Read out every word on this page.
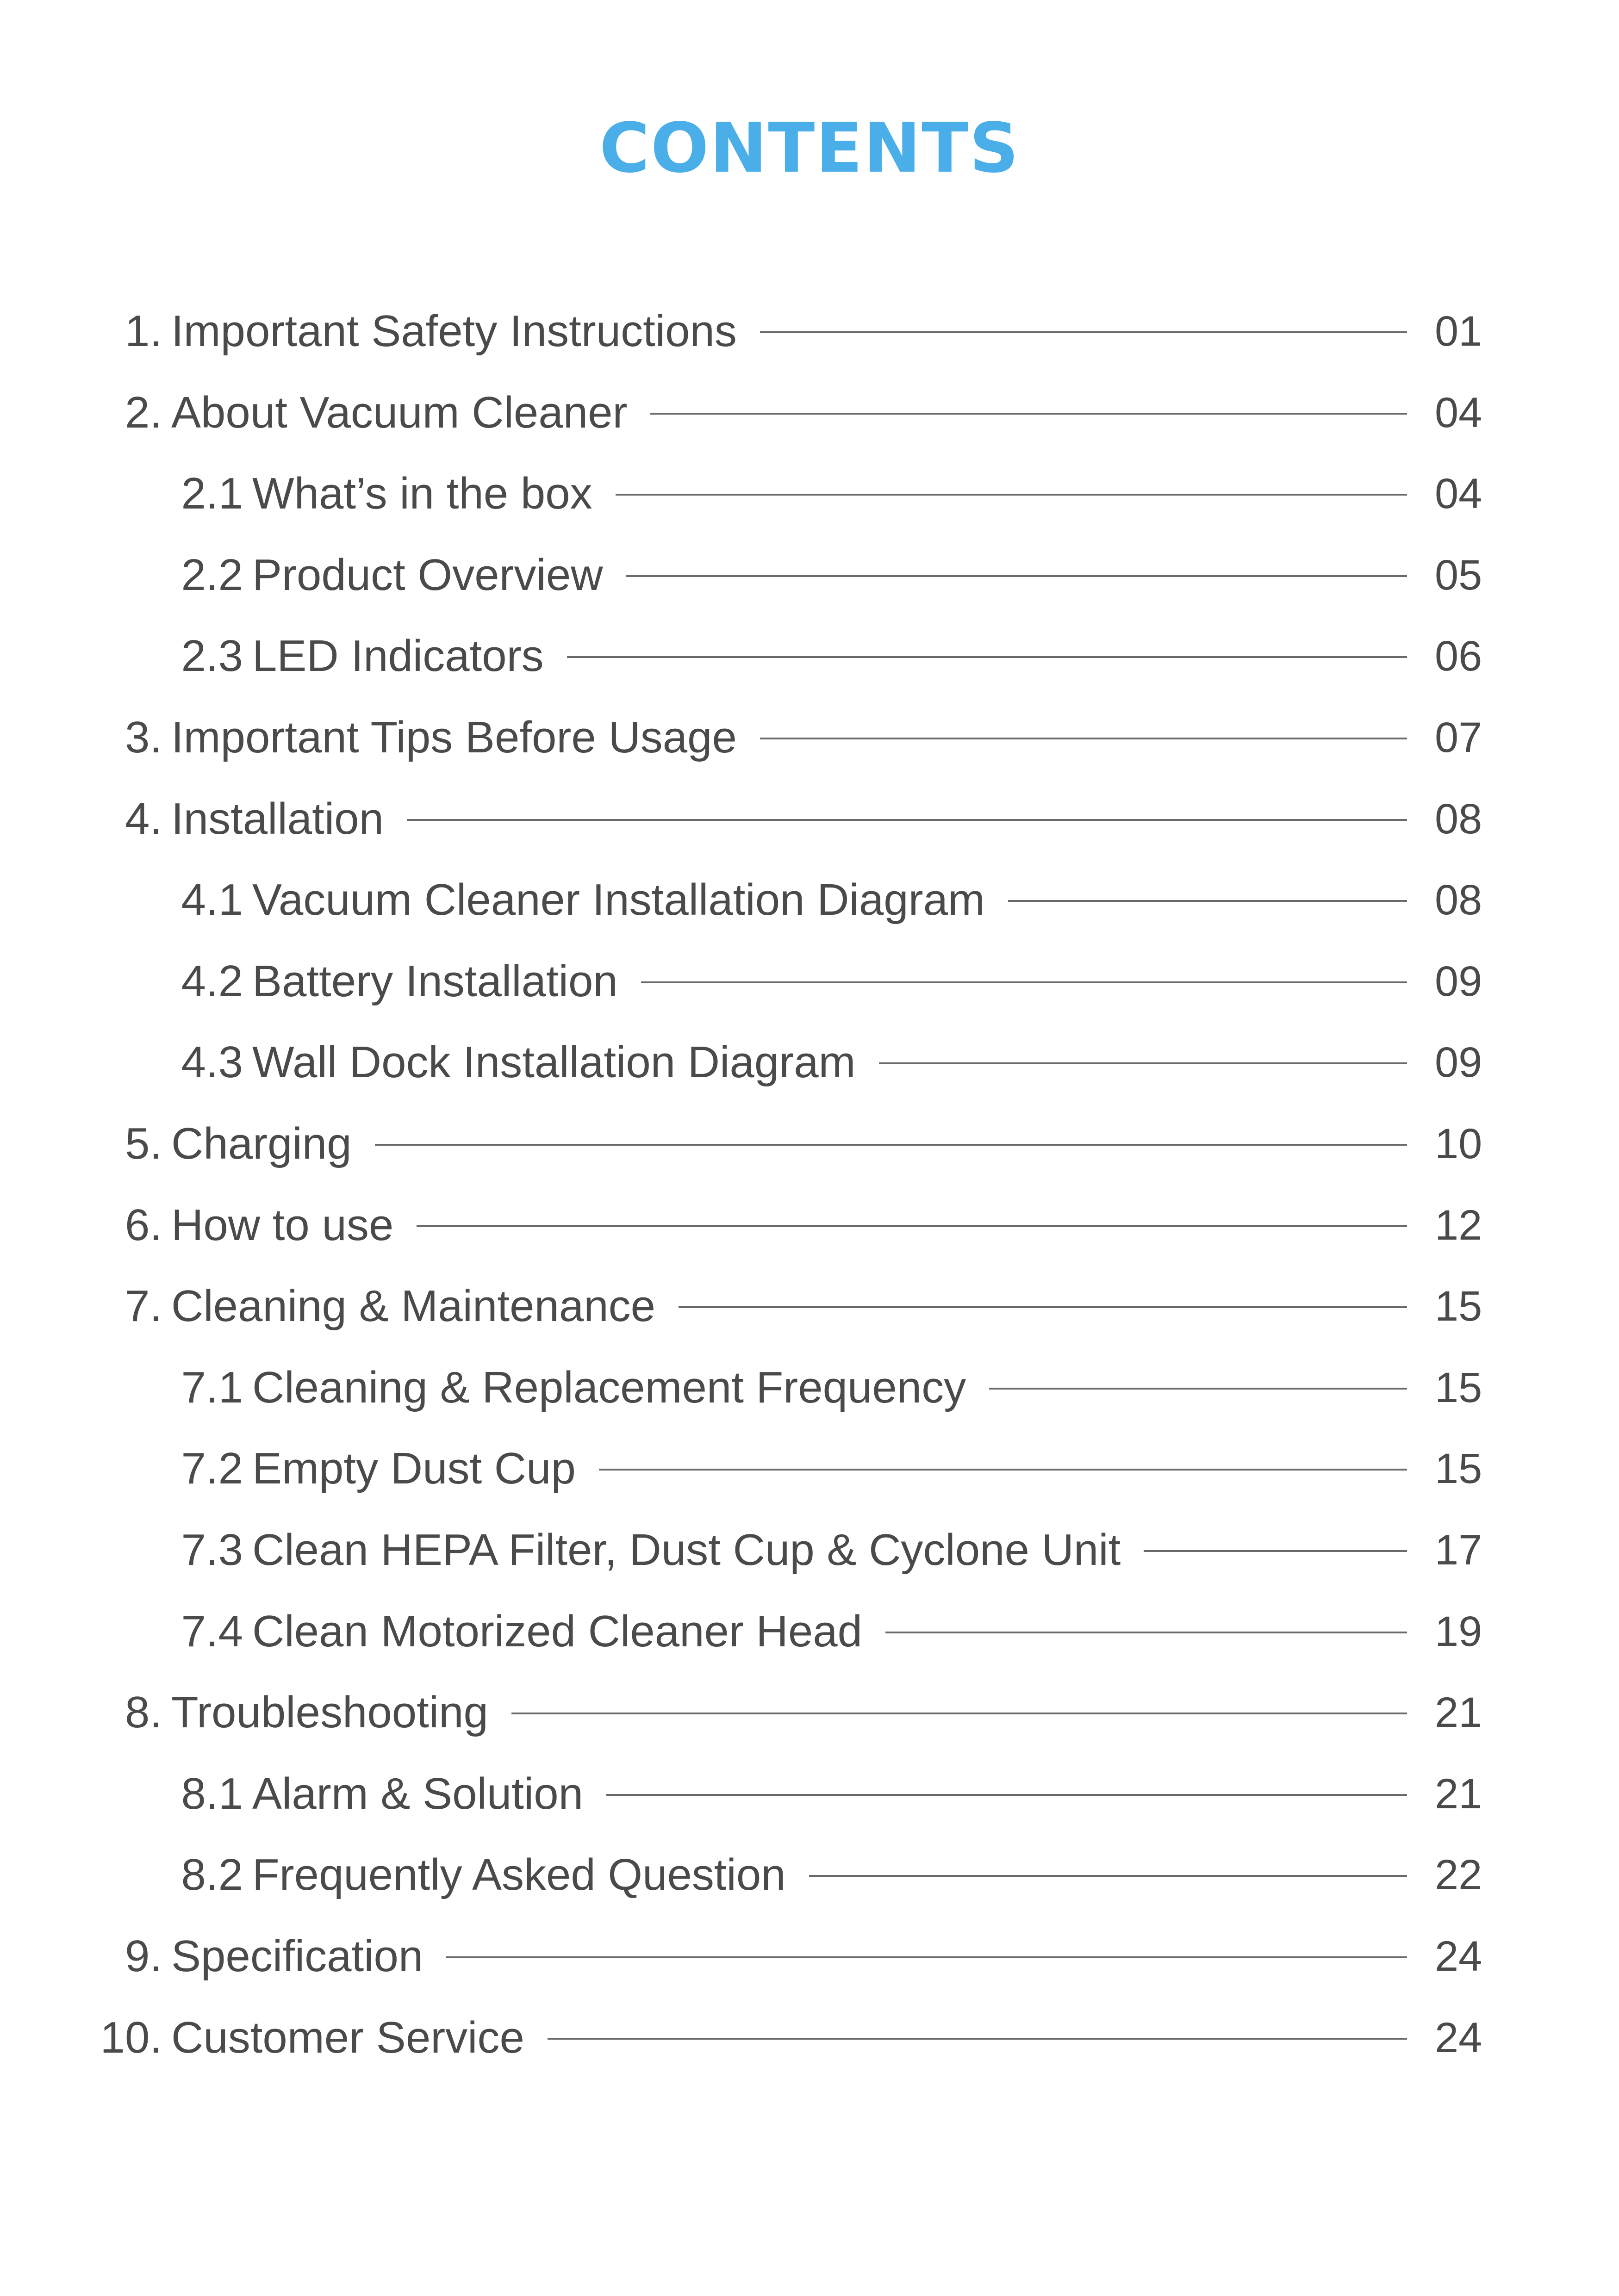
CONTENTS
1. Important Safety Instructions	01
2. About Vacuum Cleaner	04
2.1 What’s in the box	04
2.2 Product Overview	05
2.3 LED Indicators	06
3. Important Tips Before Usage	07
4. Installation	08
4.1 Vacuum Cleaner Installation Diagram	08
4.2 Battery Installation	09
4.3 Wall Dock Installation Diagram	09
5. Charging	10
6. How to use	12
7. Cleaning & Maintenance	15
7.1 Cleaning & Replacement Frequency	15
7.2 Empty Dust Cup	15
7.3 Clean HEPA Filter, Dust Cup & Cyclone Unit	17
7.4 Clean Motorized Cleaner Head	19
8. Troubleshooting	21
8.1 Alarm & Solution	21
8.2 Frequently Asked Question	22
9. Specification	24
10. Customer Service	24
